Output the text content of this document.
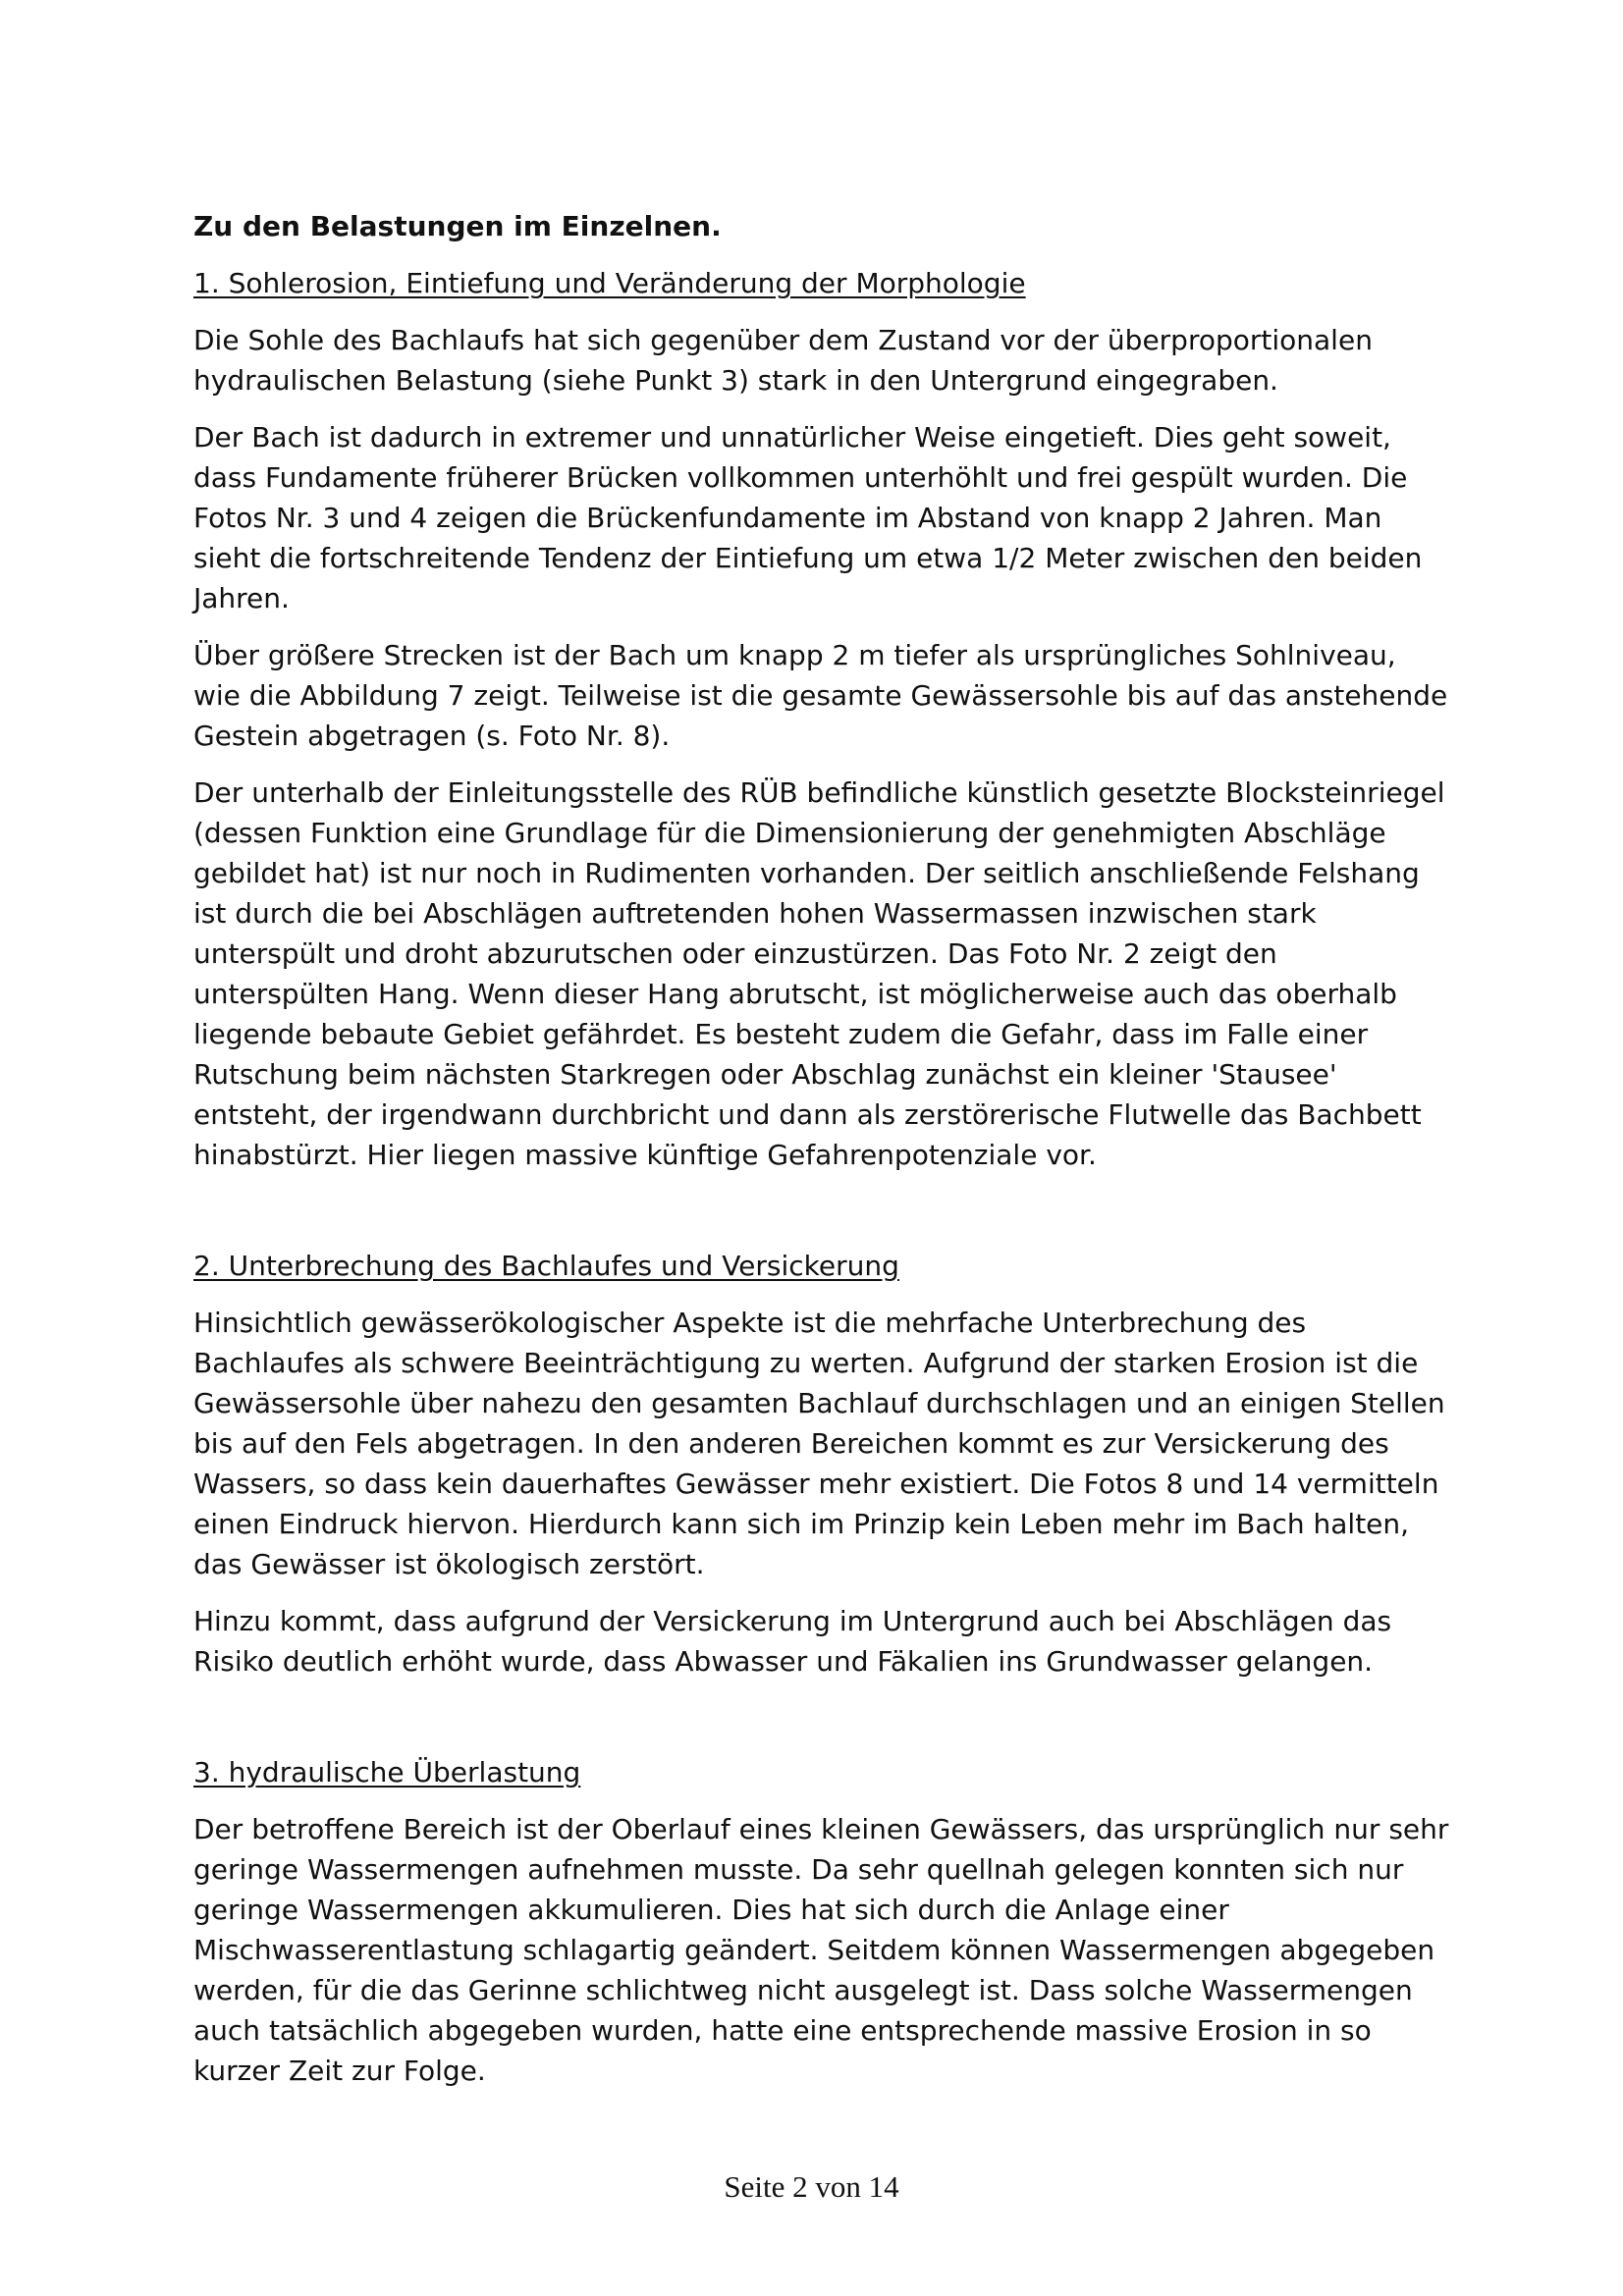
Zu den Belastungen im Einzelnen.
1. Sohlerosion, Eintiefung und Veränderung der Morphologie

Die Sohle des Bachlaufs hat sich gegenüber dem Zustand vor der überproportionalen hydraulischen Belastung (siehe Punkt 3) stark in den Untergrund eingegraben.

Der Bach ist dadurch in extremer und unnatürlicher Weise eingetieft. Dies geht soweit, dass Fundamente früherer Brücken vollkommen unterhöhlt und frei gespült wurden. Die Fotos Nr. 3 und 4 zeigen die Brückenfundamente im Abstand von knapp 2 Jahren. Man sieht die fortschreitende Tendenz der Eintiefung um etwa 1/2 Meter zwischen den beiden Jahren.

Über größere Strecken ist der Bach um knapp 2 m tiefer als ursprüngliches Sohlniveau, wie die Abbildung 7 zeigt. Teilweise ist die gesamte Gewässersohle bis auf das anstehende Gestein abgetragen (s. Foto Nr. 8).

Der unterhalb der Einleitungsstelle des RÜB befindliche künstlich gesetzte Blocksteinriegel (dessen Funktion eine Grundlage für die Dimensionierung der genehmigten Abschläge gebildet hat) ist nur noch in Rudimenten vorhanden. Der seitlich anschließende Felshang ist durch die bei Abschlägen auftretenden hohen Wassermassen inzwischen stark unterspült und droht abzurutschen oder einzustürzen. Das Foto Nr. 2 zeigt den unterspülten Hang. Wenn dieser Hang abrutscht, ist möglicherweise auch das oberhalb liegende bebaute Gebiet gefährdet. Es besteht zudem die Gefahr, dass im Falle einer Rutschung beim nächsten Starkregen oder Abschlag zunächst ein kleiner 'Stausee' entsteht, der irgendwann durchbricht und dann als zerstörerische Flutwelle das Bachbett hinabstürzt. Hier liegen massive künftige Gefahrenpotenziale vor.

2. Unterbrechung des Bachlaufes und Versickerung

Hinsichtlich gewässerökologischer Aspekte ist die mehrfache Unterbrechung des Bachlaufes als schwere Beeinträchtigung zu werten. Aufgrund der starken Erosion ist die Gewässersohle über nahezu den gesamten Bachlauf durchschlagen und an einigen Stellen bis auf den Fels abgetragen. In den anderen Bereichen kommt es zur Versickerung des Wassers, so dass kein dauerhaftes Gewässer mehr existiert. Die Fotos 8 und 14 vermitteln einen Eindruck hiervon. Hierdurch kann sich im Prinzip kein Leben mehr im Bach halten, das Gewässer ist ökologisch zerstört.

Hinzu kommt, dass aufgrund der Versickerung im Untergrund auch bei Abschlägen das Risiko deutlich erhöht wurde, dass Abwasser und Fäkalien ins Grundwasser gelangen.

3. hydraulische Überlastung

Der betroffene Bereich ist der Oberlauf eines kleinen Gewässers, das ursprünglich nur sehr geringe Wassermengen aufnehmen musste. Da sehr quellnah gelegen konnten sich nur geringe Wassermengen akkumulieren. Dies hat sich durch die Anlage einer Mischwasserentlastung schlagartig geändert. Seitdem können Wassermengen abgegeben werden, für die das Gerinne schlichtweg nicht ausgelegt ist. Dass solche Wassermengen auch tatsächlich abgegeben wurden, hatte eine entsprechende massive Erosion in so kurzer Zeit zur Folge.

Seite 2 von 14
